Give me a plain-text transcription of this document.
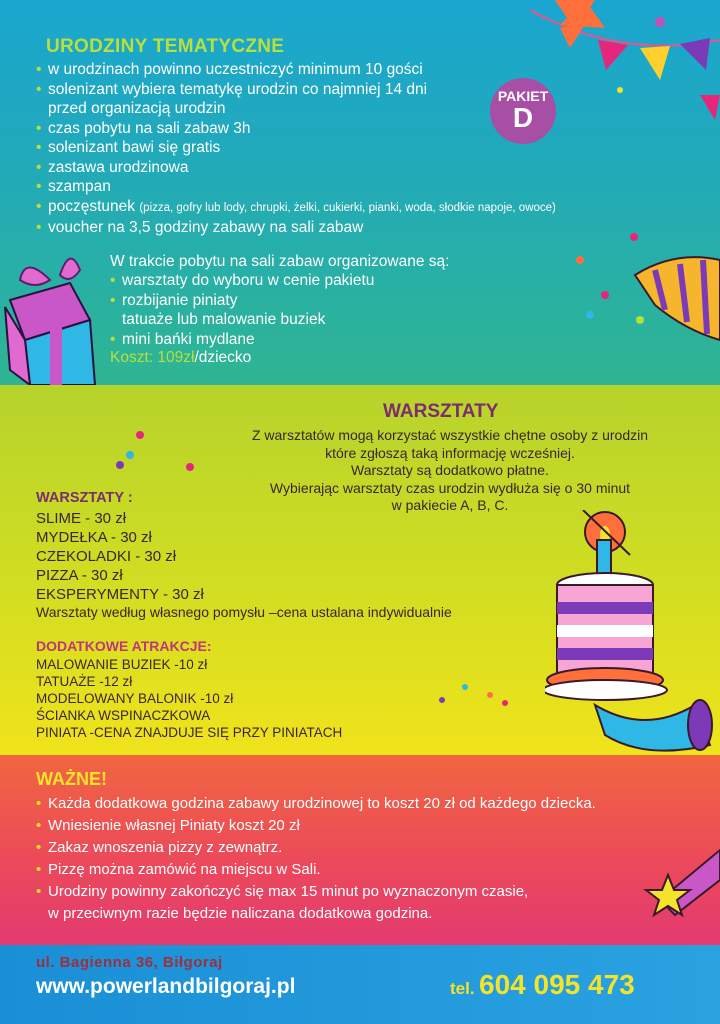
URODZINY TEMATYCZNE
• w urodzinach powinno uczestniczyć minimum 10 gości
• solenizant wybiera tematykę urodzin co najmniej 14 dni
przed organizacją urodzin
• czas pobytu na sali zabaw 3h
• solenizant bawi się gratis
• zastawa urodzinowa
• szampan
• poczęstunek (pizza, gofry lub lody, chrupki, żelki, cukierki, pianki, woda, słodkie napoje, owoce)
• voucher na 3,5 godziny zabawy na sali zabaw
PAKIET
D
W trakcie pobytu na sali zabaw organizowane są:
• warsztaty do wyboru w cenie pakietu
• rozbijanie piniaty
tatuaże lub malowanie buziek
• mini bańki mydlane
Koszt: 109zł/dziecko
WARSZTATY
Z warsztatów mogą korzystać wszystkie chętne osoby z urodzin
które zgłoszą taką informację wcześniej.
Warsztaty są dodatkowo płatne.
Wybierając warsztaty czas urodzin wydłuża się o 30 minut
w pakiecie A, B, C.
WARSZTATY :
SLIME - 30 zł
MYDEŁKA - 30 zł
CZEKOLADKI - 30 zł
PIZZA - 30 zł
EKSPERYMENTY - 30 zł
Warsztaty według własnego pomysłu –cena ustalana indywidualnie
DODATKOWE ATRAKCJE:
MALOWANIE BUZIEK -10 zł
TATUAŻE -12 zł
MODELOWANY BALONIK -10 zł
ŚCIANKA WSPINACZKOWA
PINIATA -CENA ZNAJDUJE SIĘ PRZY PINIATACH
WAŻNE!
• Każda dodatkowa godzina zabawy urodzinowej to koszt 20 zł od każdego dziecka.
• Wniesienie własnej Piniaty koszt 20 zł
• Zakaz wnoszenia pizzy z zewnątrz.
• Pizzę można zamówić na miejscu w Sali.
• Urodziny powinny zakończyć się max 15 minut po wyznaczonym czasie,
w przeciwnym razie będzie naliczana dodatkowa godzina.
ul. Bagienna 36, Biłgoraj
www.powerlandbilgoraj.pl	tel. 604 095 473
